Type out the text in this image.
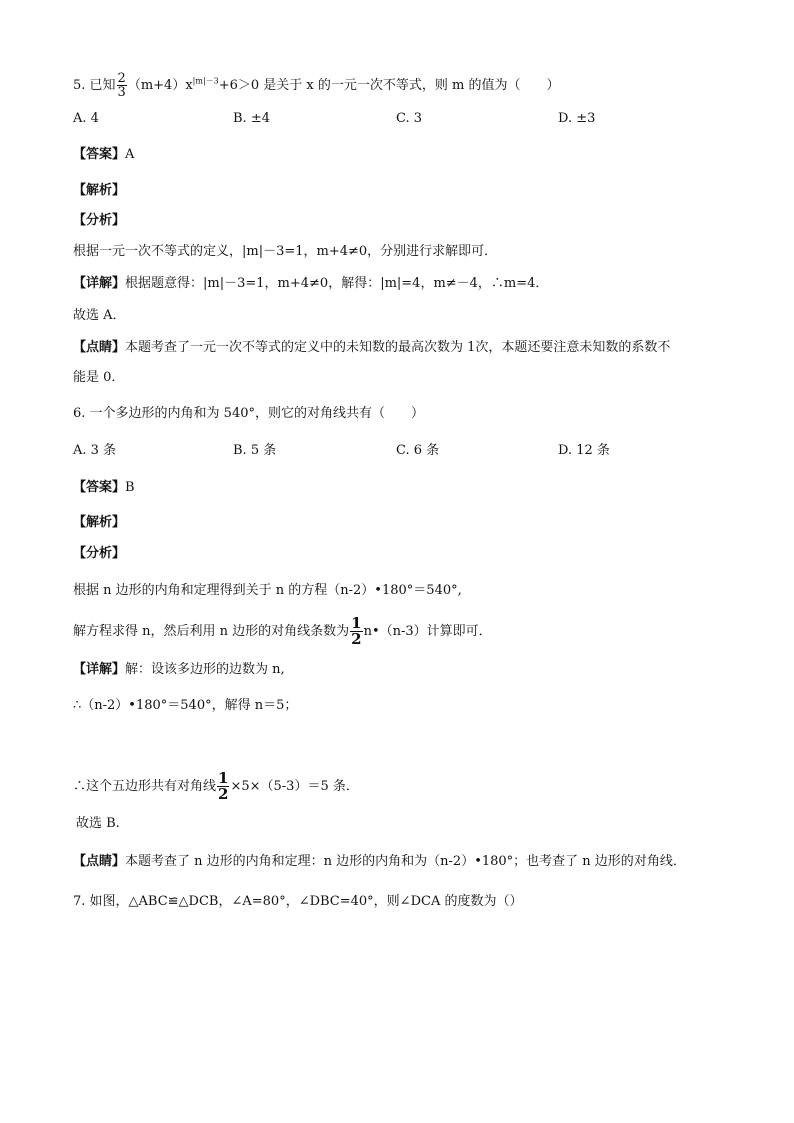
5. 已知 $\frac{2}{3} (m+4)x^{|m|-3}+6>0$ 是关于 x 的一元一次不等式，则 m 的值为（　　）
A. 4	B. ±4	C. 3	D. ±3
【答案】A
【解析】
【分析】
根据一元一次不等式的定义，|m|－3=1，m+4≠0，分别进行求解即可．
【详解】根据题意得：|m|－3=1，m+4≠0，解得：|m|=4，m≠－4，∴m=4．
故选 A．
【点睛】本题考查了一元一次不等式的定义中的未知数的最高次数为 1次，本题还要注意未知数的系数不
能是 0．
6. 一个多边形的内角和为 540°，则它的对角线共有（　　）
A. 3 条	B. 5 条	C. 6 条	D. 12 条
【答案】B
【解析】
【分析】
根据 n 边形的内角和定理得到关于 n 的方程（n-2）•180°＝540°,
解方程求得 n，然后利用 n 边形的对角线条数为 $\frac{1}{2}$ n•（n-3）计算即可．
【详解】解：设该多边形的边数为 n,
∴（n-2）•180°＝540°，解得 n＝5；
∴这个五边形共有对角线 $\frac{1}{2} \times 5\times(5-3)=5$ 条．
故选 B.
【点睛】本题考查了 n 边形的内角和定理：n 边形的内角和为（n-2）•180°；也考查了 n 边形的对角线．
7. 如图，△ABC≌△DCB，∠A=80°，∠DBC=40°，则∠DCA 的度数为（）
